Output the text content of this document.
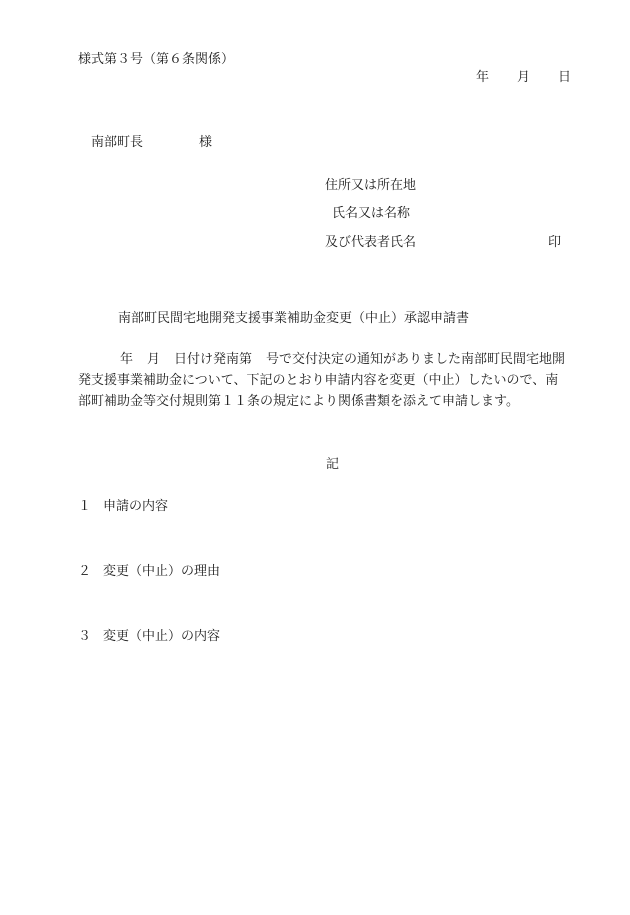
様式第３号（第６条関係）
年 月 日
南部町長	様
住所又は所在地
氏名又は名称
及び代表者氏名	印
南部町民間宅地開発支援事業補助金変更（中止）承認申請書
年 月 日付け発南第 号で交付決定の通知がありました南部町民間宅地開
発支援事業補助金について、下記のとおり申請内容を変更（中止）したいので、南
部町補助金等交付規則第１１条の規定により関係書類を添えて申請します。
記
１ 申請の内容
２ 変更（中止）の理由
３ 変更（中止）の内容
